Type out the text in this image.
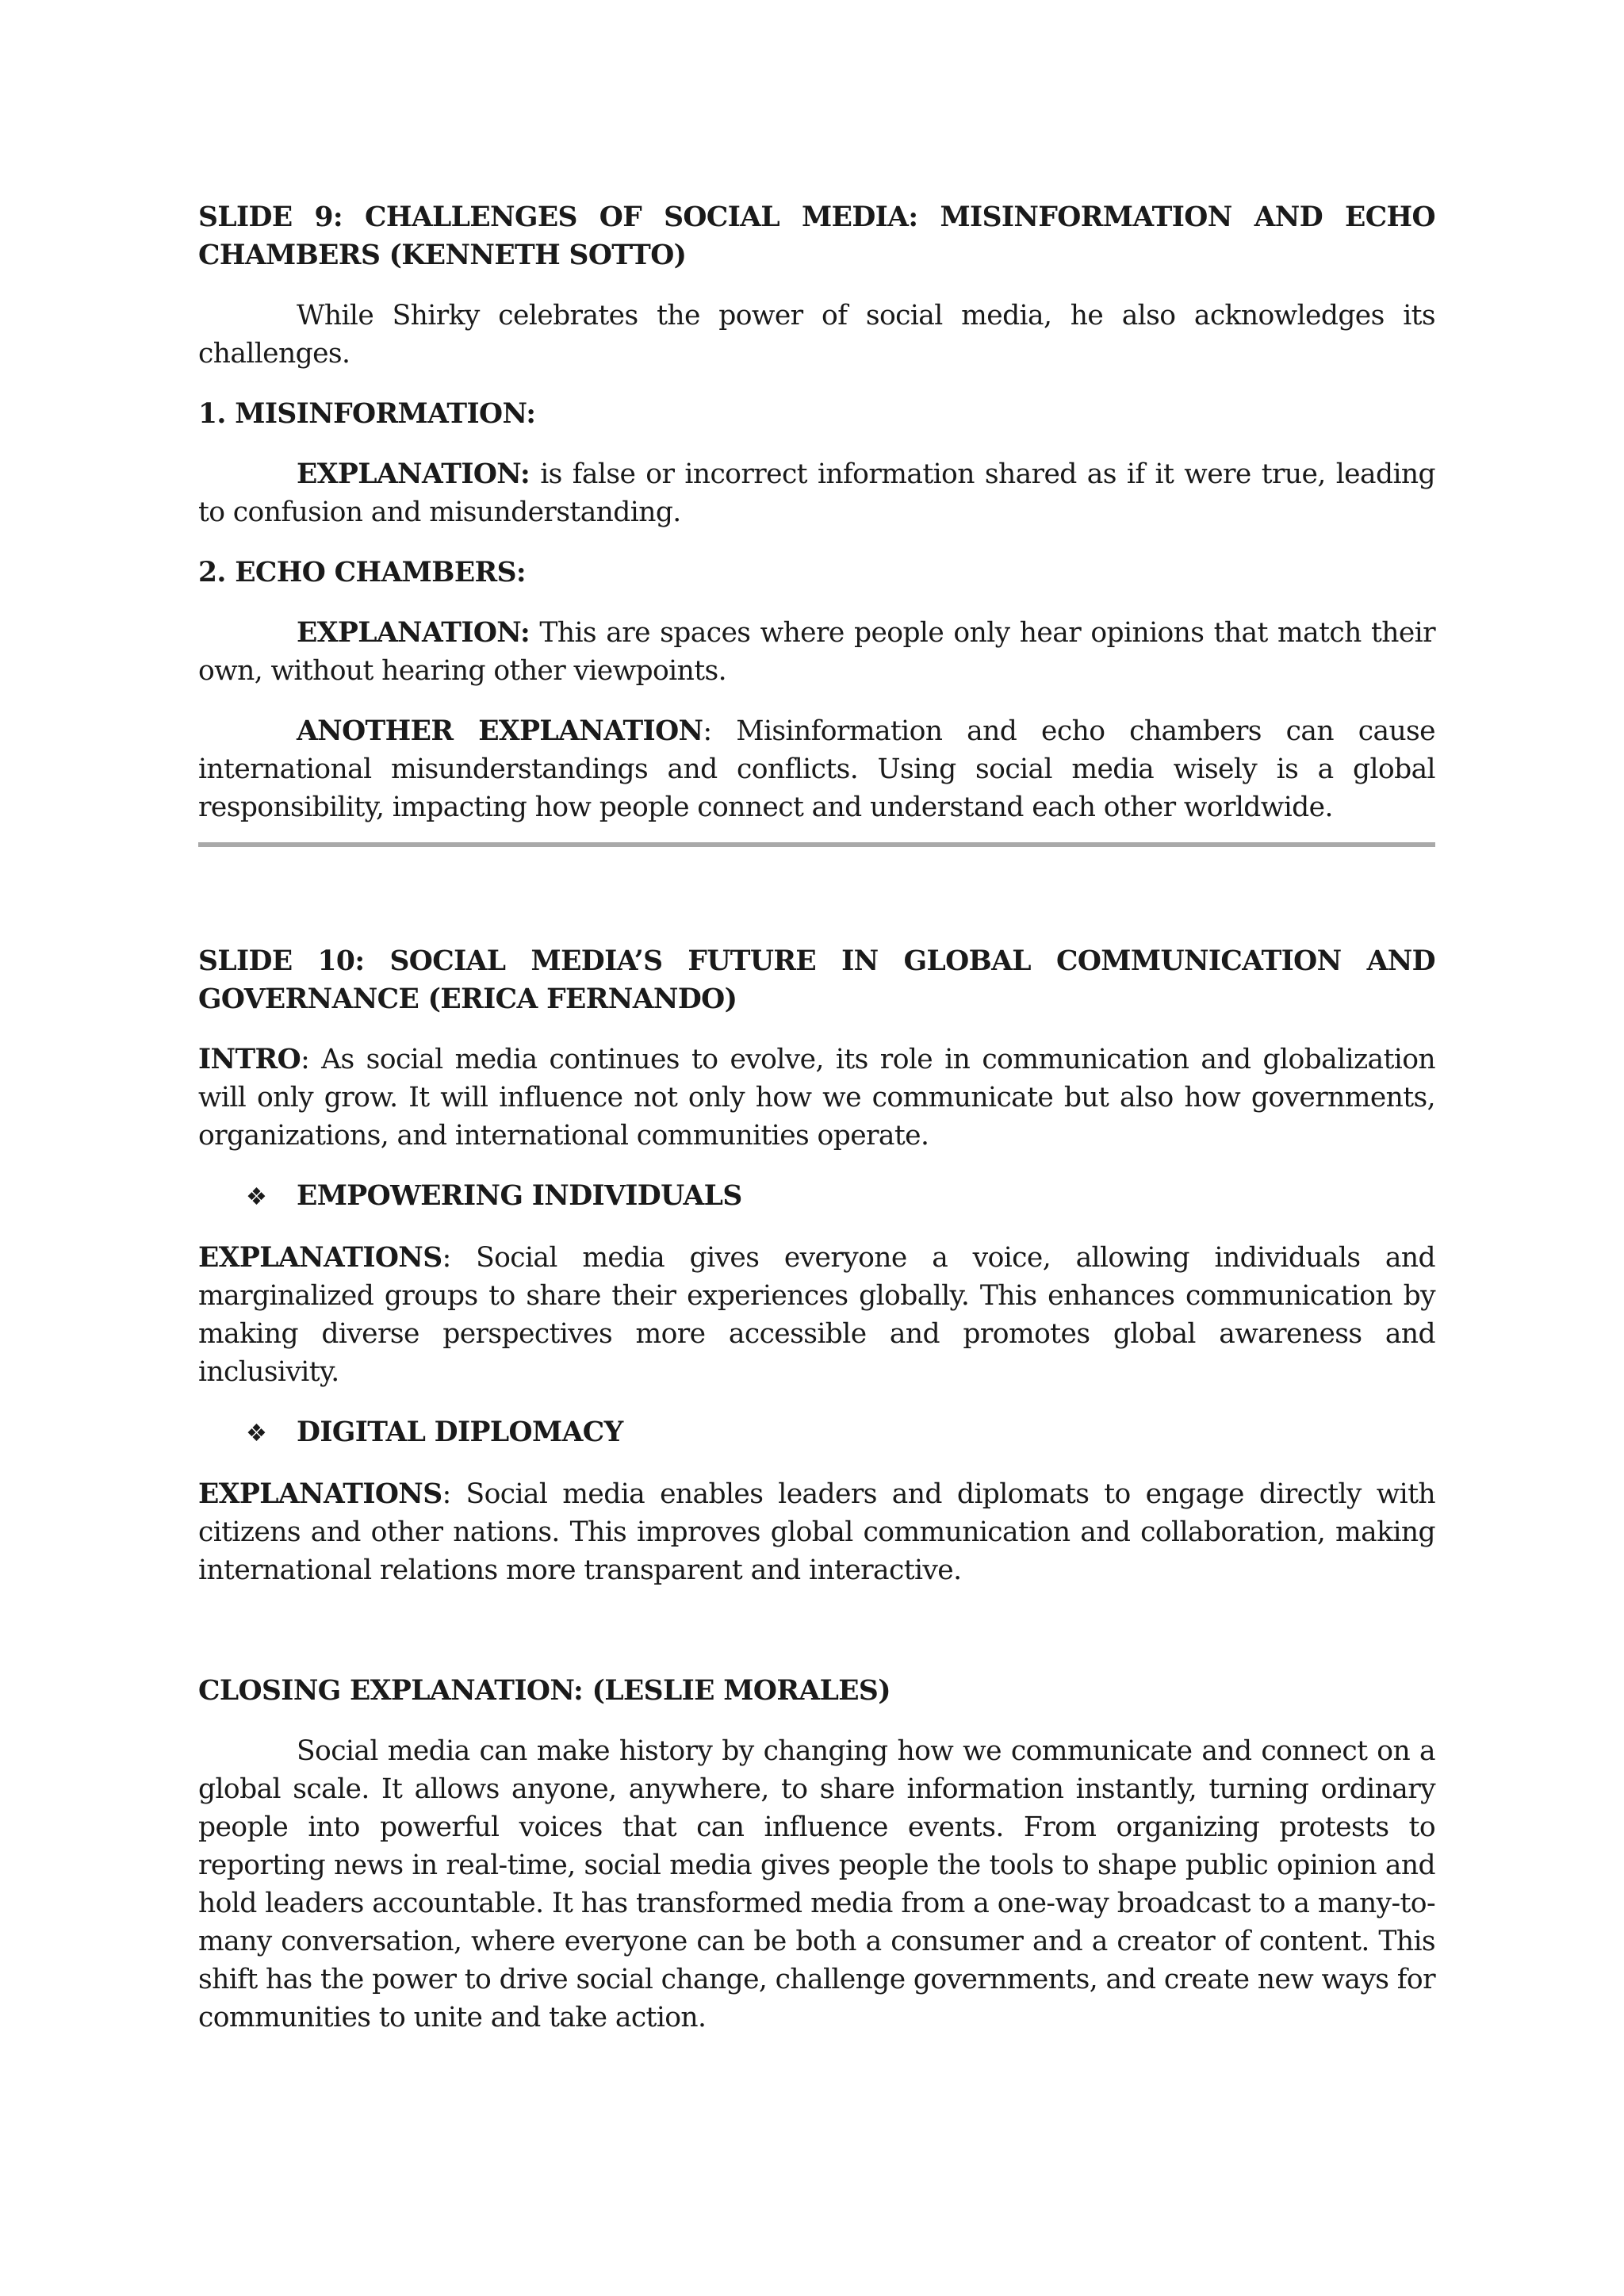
SLIDE 9: CHALLENGES OF SOCIAL MEDIA: MISINFORMATION AND ECHO CHAMBERS (KENNETH SOTTO)

While Shirky celebrates the power of social media, he also acknowledges its challenges.

1. MISINFORMATION:

EXPLANATION: is false or incorrect information shared as if it were true, leading to confusion and misunderstanding.

2. ECHO CHAMBERS:

EXPLANATION: This are spaces where people only hear opinions that match their own, without hearing other viewpoints.

ANOTHER EXPLANATION: Misinformation and echo chambers can cause international misunderstandings and conflicts. Using social media wisely is a global responsibility, impacting how people connect and understand each other worldwide.

SLIDE 10: SOCIAL MEDIA’S FUTURE IN GLOBAL COMMUNICATION AND GOVERNANCE (ERICA FERNANDO)

INTRO: As social media continues to evolve, its role in communication and globalization will only grow. It will influence not only how we communicate but also how governments, organizations, and international communities operate.

❖	EMPOWERING INDIVIDUALS

EXPLANATIONS: Social media gives everyone a voice, allowing individuals and marginalized groups to share their experiences globally. This enhances communication by making diverse perspectives more accessible and promotes global awareness and inclusivity.

❖	DIGITAL DIPLOMACY

EXPLANATIONS: Social media enables leaders and diplomats to engage directly with citizens and other nations. This improves global communication and collaboration, making international relations more transparent and interactive.

CLOSING EXPLANATION: (LESLIE MORALES)

Social media can make history by changing how we communicate and connect on a global scale. It allows anyone, anywhere, to share information instantly, turning ordinary people into powerful voices that can influence events. From organizing protests to reporting news in real-time, social media gives people the tools to shape public opinion and hold leaders accountable. It has transformed media from a one-way broadcast to a many-to-many conversation, where everyone can be both a consumer and a creator of content. This shift has the power to drive social change, challenge governments, and create new ways for communities to unite and take action.
